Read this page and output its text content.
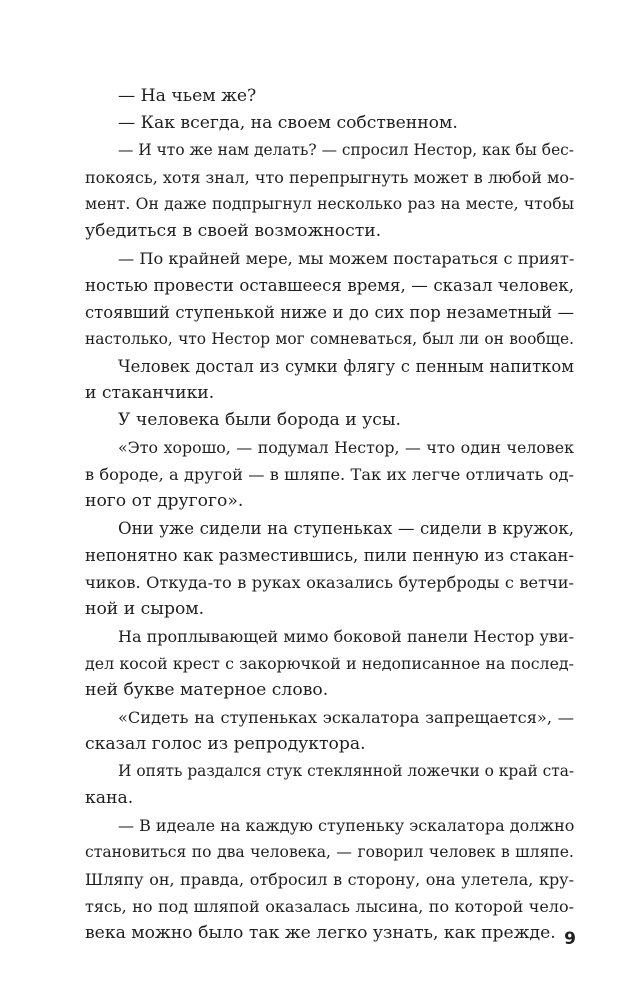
— На чьем же?
— Как всегда, на своем собственном.
— И что же нам делать? — спросил Нестор, как бы бес-
покоясь, хотя знал, что перепрыгнуть может в любой мо-
мент. Он даже подпрыгнул несколько раз на месте, чтобы
убедиться в своей возможности.
— По крайней мере, мы можем постараться с прият-
ностью провести оставшееся время, — сказал человек,
стоявший ступенькой ниже и до сих пор незаметный —
настолько, что Нестор мог сомневаться, был ли он вообще.
Человек достал из сумки флягу с пенным напитком
и стаканчики.
У человека были борода и усы.
«Это хорошо, — подумал Нестор, — что один человек
в бороде, а другой — в шляпе. Так их легче отличать од-
ного от другого».
Они уже сидели на ступеньках — сидели в кружок,
непонятно как разместившись, пили пенную из стакан-
чиков. Откуда-то в руках оказались бутерброды с ветчи-
ной и сыром.
На проплывающей мимо боковой панели Нестор уви-
дел косой крест с закорючкой и недописанное на послед-
ней букве матерное слово.
«Сидеть на ступеньках эскалатора запрещается», —
сказал голос из репродуктора.
И опять раздался стук стеклянной ложечки о край ста-
кана.
— В идеале на каждую ступеньку эскалатора должно
становиться по два человека, — говорил человек в шляпе.
Шляпу он, правда, отбросил в сторону, она улетела, кру-
тясь, но под шляпой оказалась лысина, по которой чело-
века можно было так же легко узнать, как прежде. 9
